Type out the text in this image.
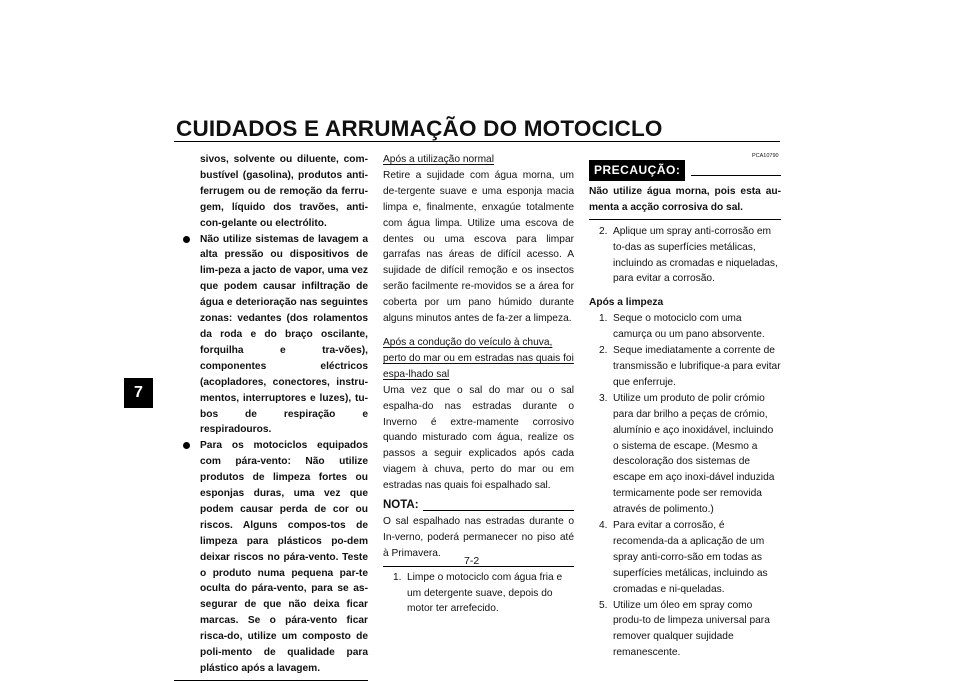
CUIDADOS E ARRUMAÇÃO DO MOTOCICLO
7
7-2
sivos, solvente ou diluente, com-bustível (gasolina), produtos anti-ferrugem ou de remoção da ferru-gem, líquido dos travões, anti-con-gelante ou electrólito.
Não utilize sistemas de lavagem a alta pressão ou dispositivos de lim-peza a jacto de vapor, uma vez que podem causar infiltração de água e deterioração nas seguintes zonas: vedantes (dos rolamentos da roda e do braço oscilante, forquilha e tra-vões), componentes eléctricos (acopladores, conectores, instru-mentos, interruptores e luzes), tu-bos de respiração e respiradouros.
Para os motociclos equipados com pára-vento: Não utilize produtos de limpeza fortes ou esponjas duras, uma vez que podem causar perda de cor ou riscos. Alguns compos-tos de limpeza para plásticos po-dem deixar riscos no pára-vento. Teste o produto numa pequena par-te oculta do pára-vento, para se as-segurar de que não deixa ficar marcas. Se o pára-vento ficar risca-do, utilize um composto de poli-mento de qualidade para plástico após a lavagem.
Após a utilização normal
Retire a sujidade com água morna, um de-tergente suave e uma esponja macia limpa e, finalmente, enxagúe totalmente com água limpa. Utilize uma escova de dentes ou uma escova para limpar garrafas nas áreas de difícil acesso. A sujidade de difícil remoção e os insectos serão facilmente re-movidos se a área for coberta por um pano húmido durante alguns minutos antes de fa-zer a limpeza.
Após a condução do veículo à chuva, perto do mar ou em estradas nas quais foi espa-lhado sal
Uma vez que o sal do mar ou o sal espalha-do nas estradas durante o Inverno é extre-mamente corrosivo quando misturado com água, realize os passos a seguir explicados após cada viagem à chuva, perto do mar ou em estradas nas quais foi espalhado sal.
NOTA:
O sal espalhado nas estradas durante o In-verno, poderá permanecer no piso até à Primavera.
1. Limpe o motociclo com água fria e um detergente suave, depois do motor ter arrefecido.
PCA10790
PRECAUÇÃO:
Não utilize água morna, pois esta au-menta a acção corrosiva do sal.
2. Aplique um spray anti-corrosão em to-das as superfícies metálicas, incluindo as cromadas e niqueladas, para evitar a corrosão.
Após a limpeza
1. Seque o motociclo com uma camurça ou um pano absorvente.
2. Seque imediatamente a corrente de transmissão e lubrifique-a para evitar que enferruje.
3. Utilize um produto de polir crómio para dar brilho a peças de crómio, alumínio e aço inoxidável, incluindo o sistema de escape. (Mesmo a descoloração dos sistemas de escape em aço inoxi-dável induzida termicamente pode ser removida através de polimento.)
4. Para evitar a corrosão, é recomenda-da a aplicação de um spray anti-corro-são em todas as superfícies metálicas, incluindo as cromadas e ni-queladas.
5. Utilize um óleo em spray como produ-to de limpeza universal para remover qualquer sujidade remanescente.
